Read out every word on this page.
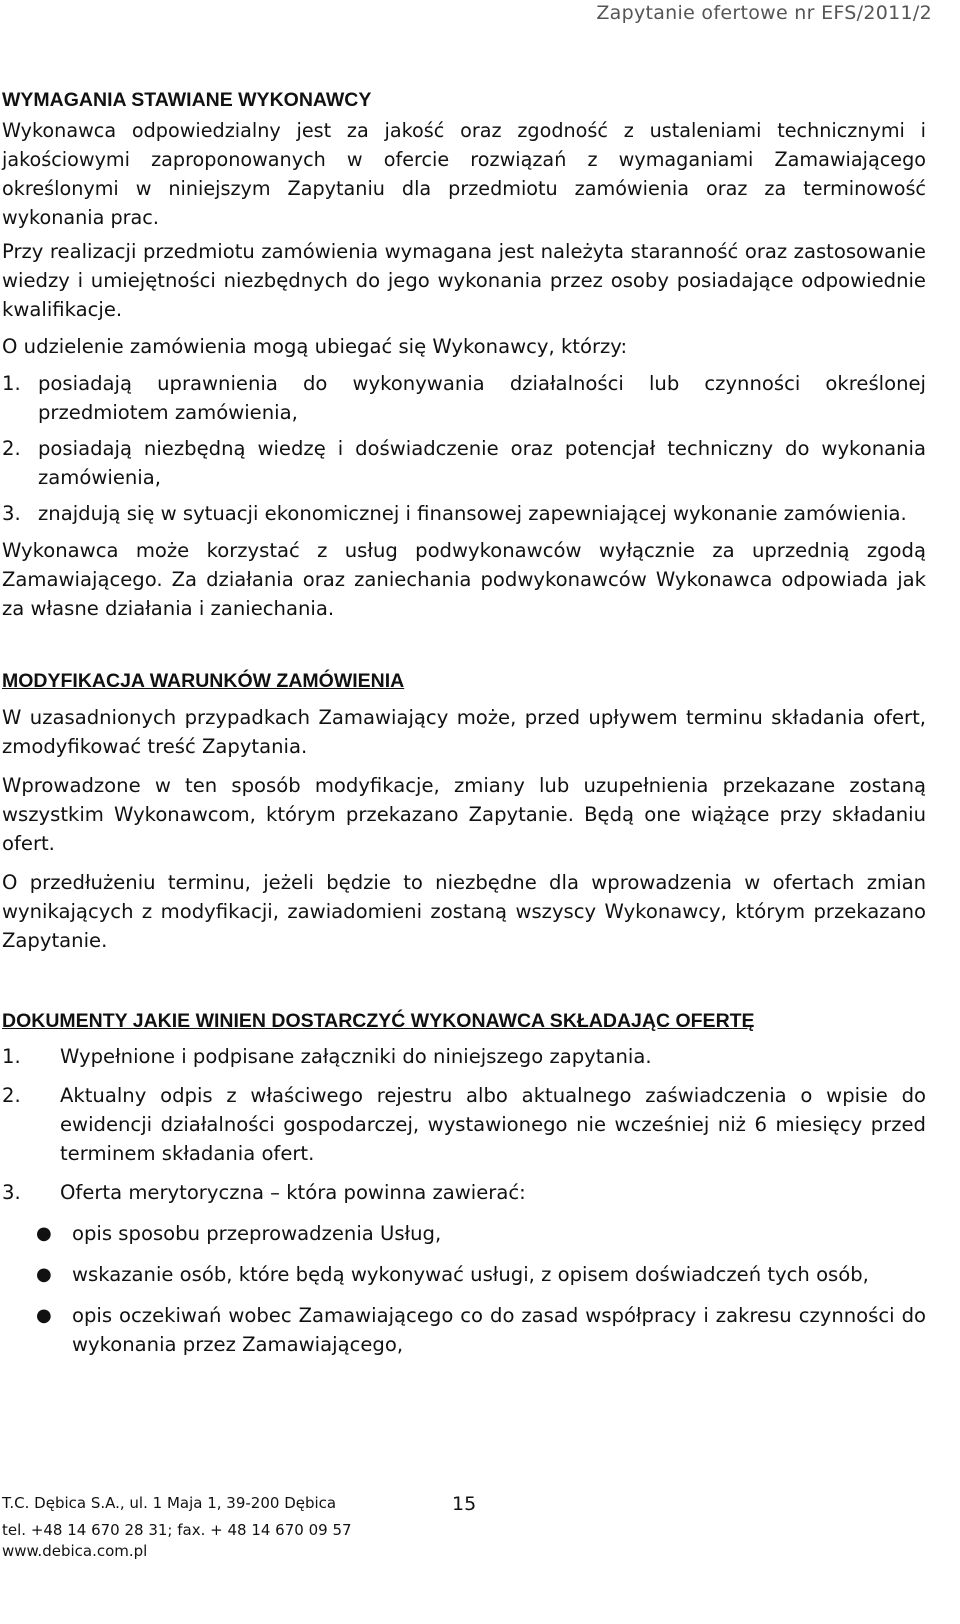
Zapytanie ofertowe nr EFS/2011/2
WYMAGANIA STAWIANE WYKONAWCY

Wykonawca odpowiedzialny jest za jakość oraz zgodność z ustaleniami technicznymi i jakościowymi zaproponowanych w ofercie rozwiązań z wymaganiami Zamawiającego określonymi w niniejszym Zapytaniu dla przedmiotu zamówienia oraz za terminowość wykonania prac.

Przy realizacji przedmiotu zamówienia wymagana jest należyta staranność oraz zastosowanie wiedzy i umiejętności niezbędnych do jego wykonania przez osoby posiadające odpowiednie kwalifikacje.

O udzielenie zamówienia mogą ubiegać się Wykonawcy, którzy:

1. posiadają uprawnienia do wykonywania działalności lub czynności określonej przedmiotem zamówienia,
2. posiadają niezbędną wiedzę i doświadczenie oraz potencjał techniczny do wykonania zamówienia,
3. znajdują się w sytuacji ekonomicznej i finansowej zapewniającej wykonanie zamówienia.

Wykonawca może korzystać z usług podwykonawców wyłącznie za uprzednią zgodą Zamawiającego. Za działania oraz zaniechania podwykonawców Wykonawca odpowiada jak za własne działania i zaniechania.

MODYFIKACJA WARUNKÓW ZAMÓWIENIA

W uzasadnionych przypadkach Zamawiający może, przed upływem terminu składania ofert, zmodyfikować treść Zapytania.

Wprowadzone w ten sposób modyfikacje, zmiany lub uzupełnienia przekazane zostaną wszystkim Wykonawcom, którym przekazano Zapytanie. Będą one wiążące przy składaniu ofert.

O przedłużeniu terminu, jeżeli będzie to niezbędne dla wprowadzenia w ofertach zmian wynikających z modyfikacji, zawiadomieni zostaną wszyscy Wykonawcy, którym przekazano Zapytanie.

DOKUMENTY JAKIE WINIEN DOSTARCZYĆ WYKONAWCA SKŁADAJĄC OFERTĘ
1.	Wypełnione i podpisane załączniki do niniejszego zapytania.
2.	Aktualny odpis z właściwego rejestru albo aktualnego zaświadczenia o wpisie do ewidencji działalności gospodarczej, wystawionego nie wcześniej niż 6 miesięcy przed terminem składania ofert.
3.	Oferta merytoryczna – która powinna zawierać:
●	opis sposobu przeprowadzenia Usług,
●	wskazanie osób, które będą wykonywać usługi, z opisem doświadczeń tych osób,
●	opis oczekiwań wobec Zamawiającego co do zasad współpracy i zakresu czynności do wykonania przez Zamawiającego,
T.C. Dębica S.A., ul. 1 Maja 1, 39-200 Dębica
tel. +48 14 670 28 31; fax. + 48 14 670 09 57
www.debica.com.pl
15
